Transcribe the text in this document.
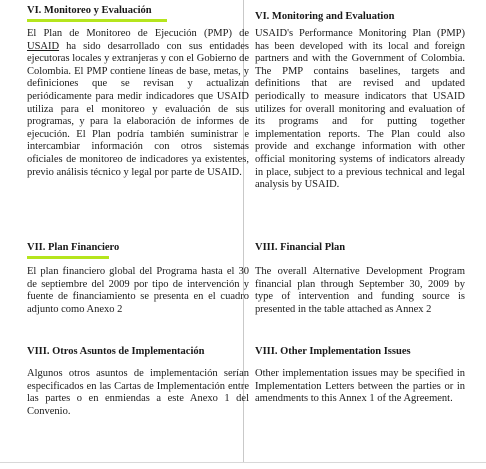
VI. Monitoreo y Evaluación

El Plan de Monitoreo de Ejecución (PMP) de USAID ha sido desarrollado con sus entidades ejecutoras locales y extranjeras y con el Gobierno de Colombia. El PMP contiene líneas de base, metas, y definiciones que se revisan y actualizan periódicamente para medir indicadores que USAID utiliza para el monitoreo y evaluación de sus programas, y para la elaboración de informes de ejecución. El Plan podría también suministrar e intercambiar información con otros sistemas oficiales de monitoreo de indicadores ya existentes, previo análisis técnico y legal por parte de USAID.

VII. Plan Financiero

El plan financiero global del Programa hasta el 30 de septiembre del 2009 por tipo de intervención y fuente de financiamiento se presenta en el cuadro adjunto como Anexo 2

VIII. Otros Asuntos de Implementación

Algunos otros asuntos de implementación serían especificados en las Cartas de Implementación entre las partes o en enmiendas a este Anexo 1 del Convenio.

VI. Monitoring and Evaluation

USAID's Performance Monitoring Plan (PMP) has been developed with its local and foreign partners and with the Government of Colombia. The PMP contains baselines, targets and definitions that are revised and updated periodically to measure indicators that USAID utilizes for overall monitoring and evaluation of its programs and for putting together implementation reports. The Plan could also provide and exchange information with other official monitoring systems of indicators already in place, subject to a previous technical and legal analysis by USAID.

VIII. Financial Plan

The overall Alternative Development Program financial plan through September 30, 2009 by type of intervention and funding source is presented in the table attached as Annex 2

VIII. Other Implementation Issues

Other implementation issues may be specified in Implementation Letters between the parties or in amendments to this Annex 1 of the Agreement.
